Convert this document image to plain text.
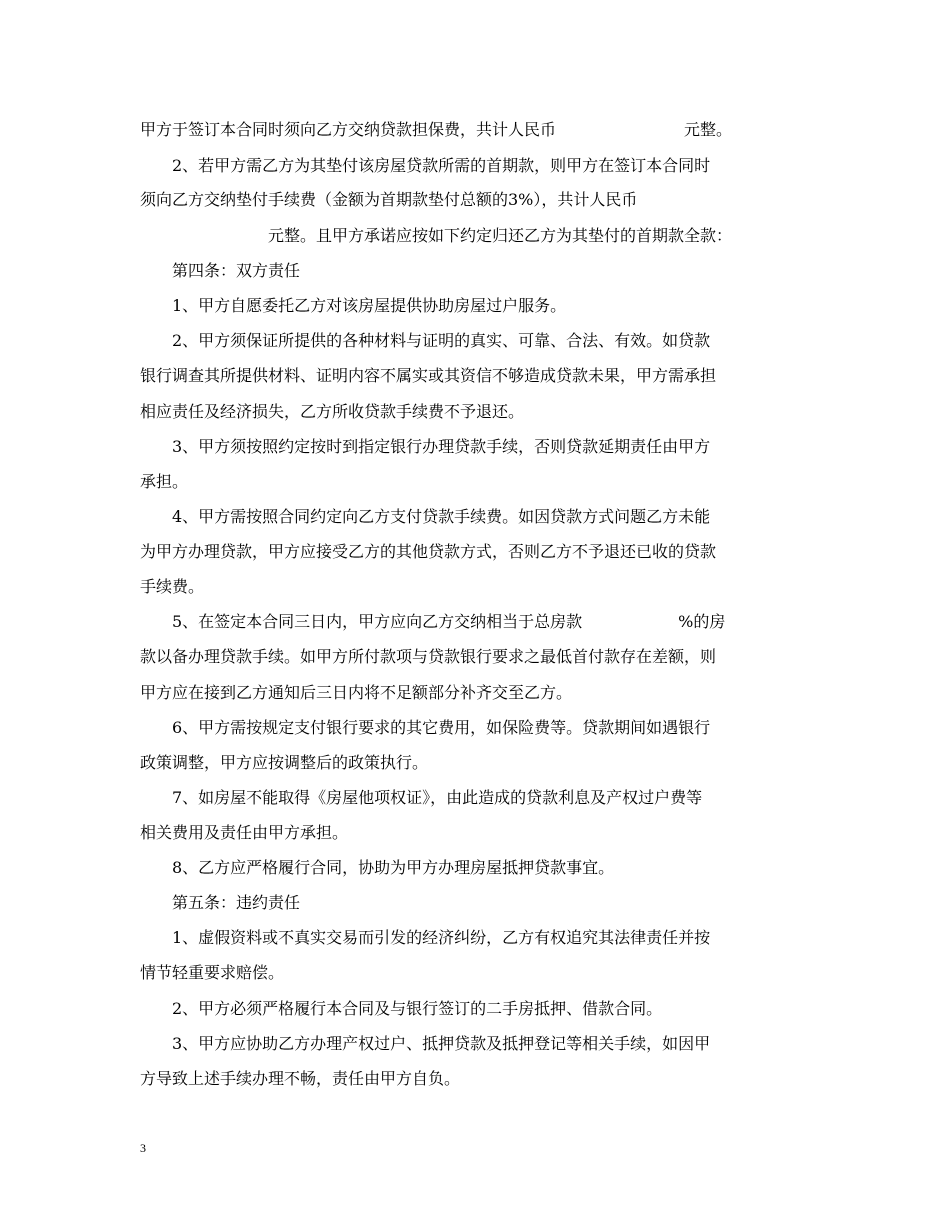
甲方于签订本合同时须向乙方交纳贷款担保费，共计人民币　　　　　　　　元整。
　　2、若甲方需乙方为其垫付该房屋贷款所需的首期款，则甲方在签订本合同时
须向乙方交纳垫付手续费（金额为首期款垫付总额的3%），共计人民币
　　　　　　　　元整。且甲方承诺应按如下约定归还乙方为其垫付的首期款全款：
　　第四条：双方责任
　　1、甲方自愿委托乙方对该房屋提供协助房屋过户服务。
　　2、甲方须保证所提供的各种材料与证明的真实、可靠、合法、有效。如贷款
银行调查其所提供材料、证明内容不属实或其资信不够造成贷款未果，甲方需承担
相应责任及经济损失，乙方所收贷款手续费不予退还。
　　3、甲方须按照约定按时到指定银行办理贷款手续，否则贷款延期责任由甲方
承担。
　　4、甲方需按照合同约定向乙方支付贷款手续费。如因贷款方式问题乙方未能
为甲方办理贷款，甲方应接受乙方的其他贷款方式，否则乙方不予退还已收的贷款
手续费。
　　5、在签定本合同三日内，甲方应向乙方交纳相当于总房款　　　　　　%的房
款以备办理贷款手续。如甲方所付款项与贷款银行要求之最低首付款存在差额，则
甲方应在接到乙方通知后三日内将不足额部分补齐交至乙方。
　　6、甲方需按规定支付银行要求的其它费用，如保险费等。贷款期间如遇银行
政策调整，甲方应按调整后的政策执行。
　　7、如房屋不能取得《房屋他项权证》，由此造成的贷款利息及产权过户费等
相关费用及责任由甲方承担。
　　8、乙方应严格履行合同，协助为甲方办理房屋抵押贷款事宜。
　　第五条：违约责任
　　1、虚假资料或不真实交易而引发的经济纠纷，乙方有权追究其法律责任并按
情节轻重要求赔偿。
　　2、甲方必须严格履行本合同及与银行签订的二手房抵押、借款合同。
　　3、甲方应协助乙方办理产权过户、抵押贷款及抵押登记等相关手续，如因甲
方导致上述手续办理不畅，责任由甲方自负。
3
